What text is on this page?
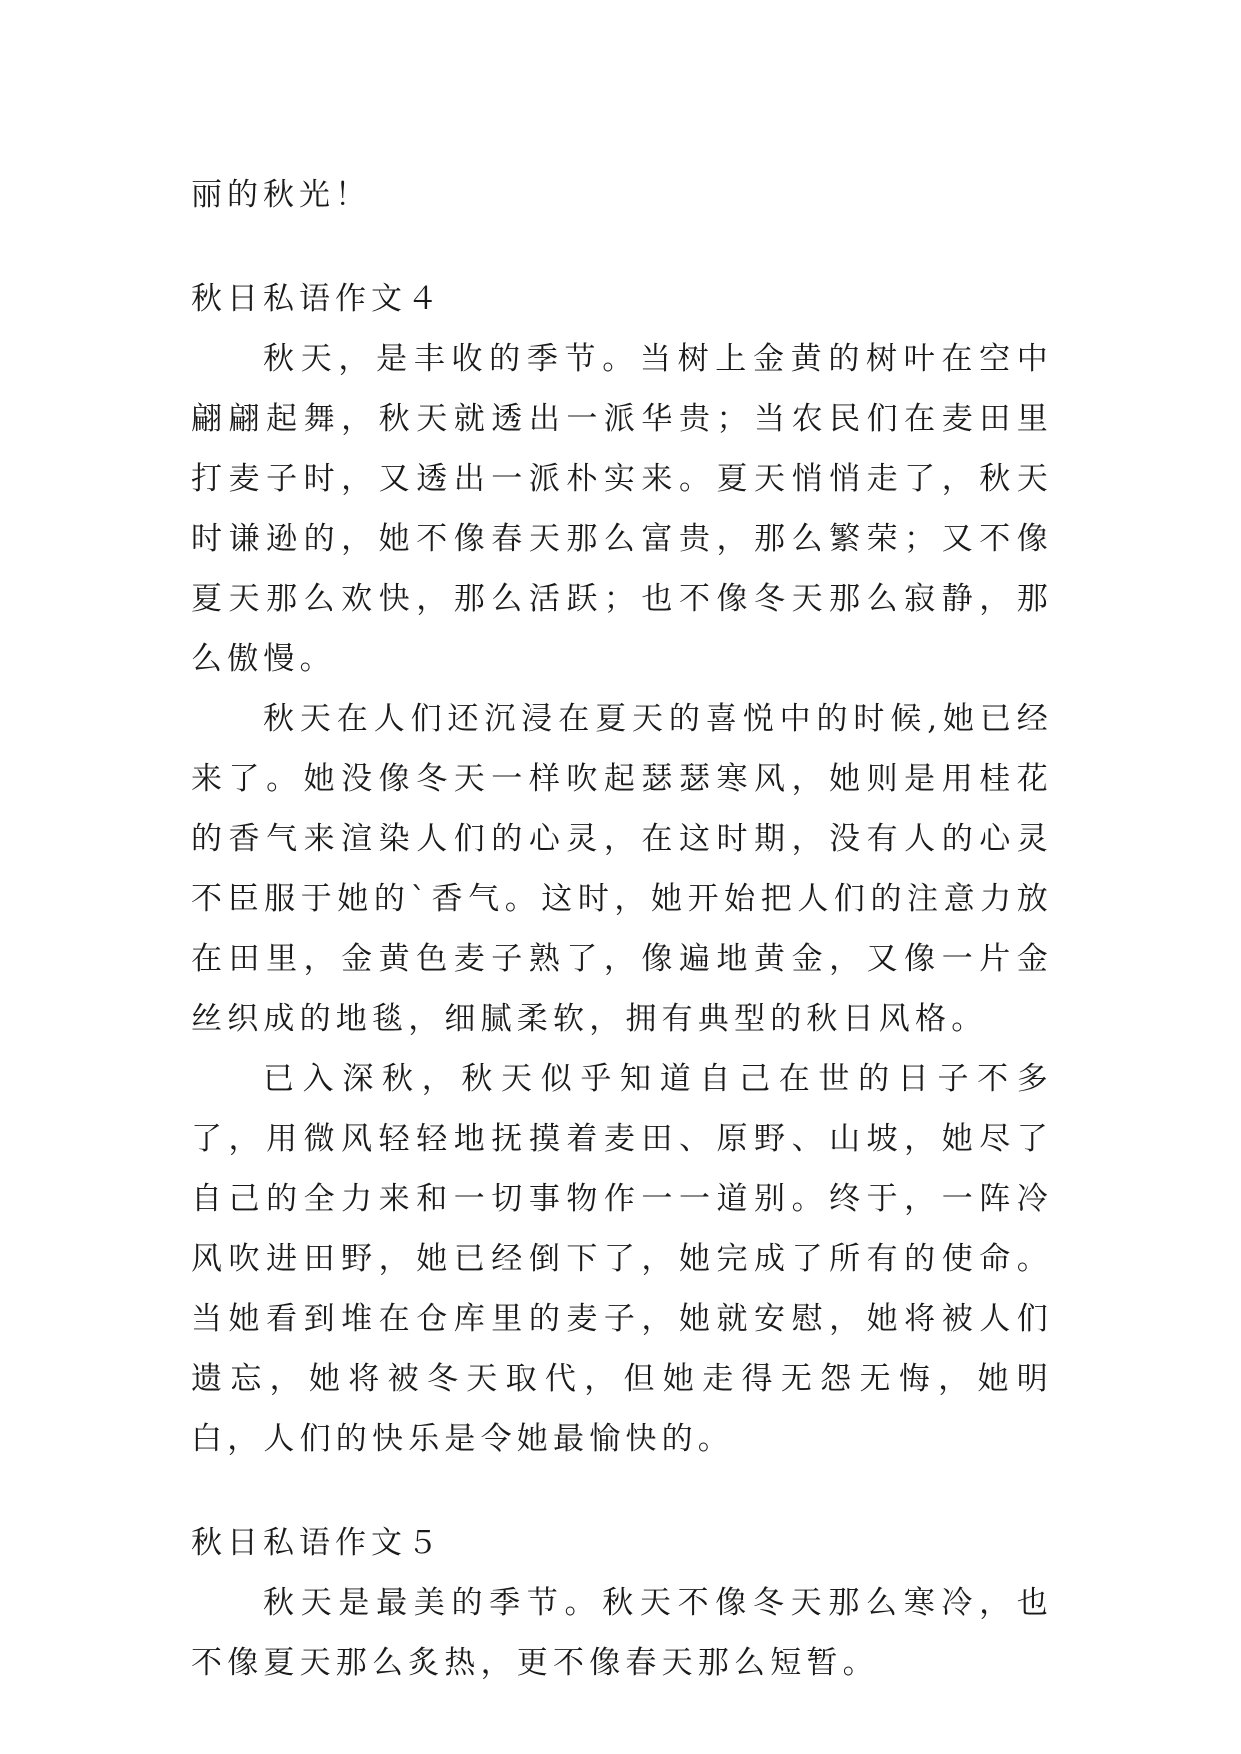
丽的秋光！

秋日私语作文４

秋天，是丰收的季节。当树上金黄的树叶在空中翩翩起舞，秋天就透出一派华贵；当农民们在麦田里打麦子时，又透出一派朴实来。夏天悄悄走了，秋天时谦逊的，她不像春天那么富贵，那么繁荣；又不像夏天那么欢快，那么活跃；也不像冬天那么寂静，那么傲慢。

秋天在人们还沉浸在夏天的喜悦中的时候,她已经来了。她没像冬天一样吹起瑟瑟寒风，她则是用桂花的香气来渲染人们的心灵，在这时期，没有人的心灵不臣服于她的`香气。这时，她开始把人们的注意力放在田里，金黄色麦子熟了，像遍地黄金，又像一片金丝织成的地毯，细腻柔软，拥有典型的秋日风格。

已入深秋，秋天似乎知道自己在世的日子不多了，用微风轻轻地抚摸着麦田、原野、山坡，她尽了自己的全力来和一切事物作一一道别。终于，一阵冷风吹进田野，她已经倒下了，她完成了所有的使命。当她看到堆在仓库里的麦子，她就安慰，她将被人们遗忘，她将被冬天取代，但她走得无怨无悔，她明白，人们的快乐是令她最愉快的。

秋日私语作文５

秋天是最美的季节。秋天不像冬天那么寒冷，也不像夏天那么炙热，更不像春天那么短暂。
